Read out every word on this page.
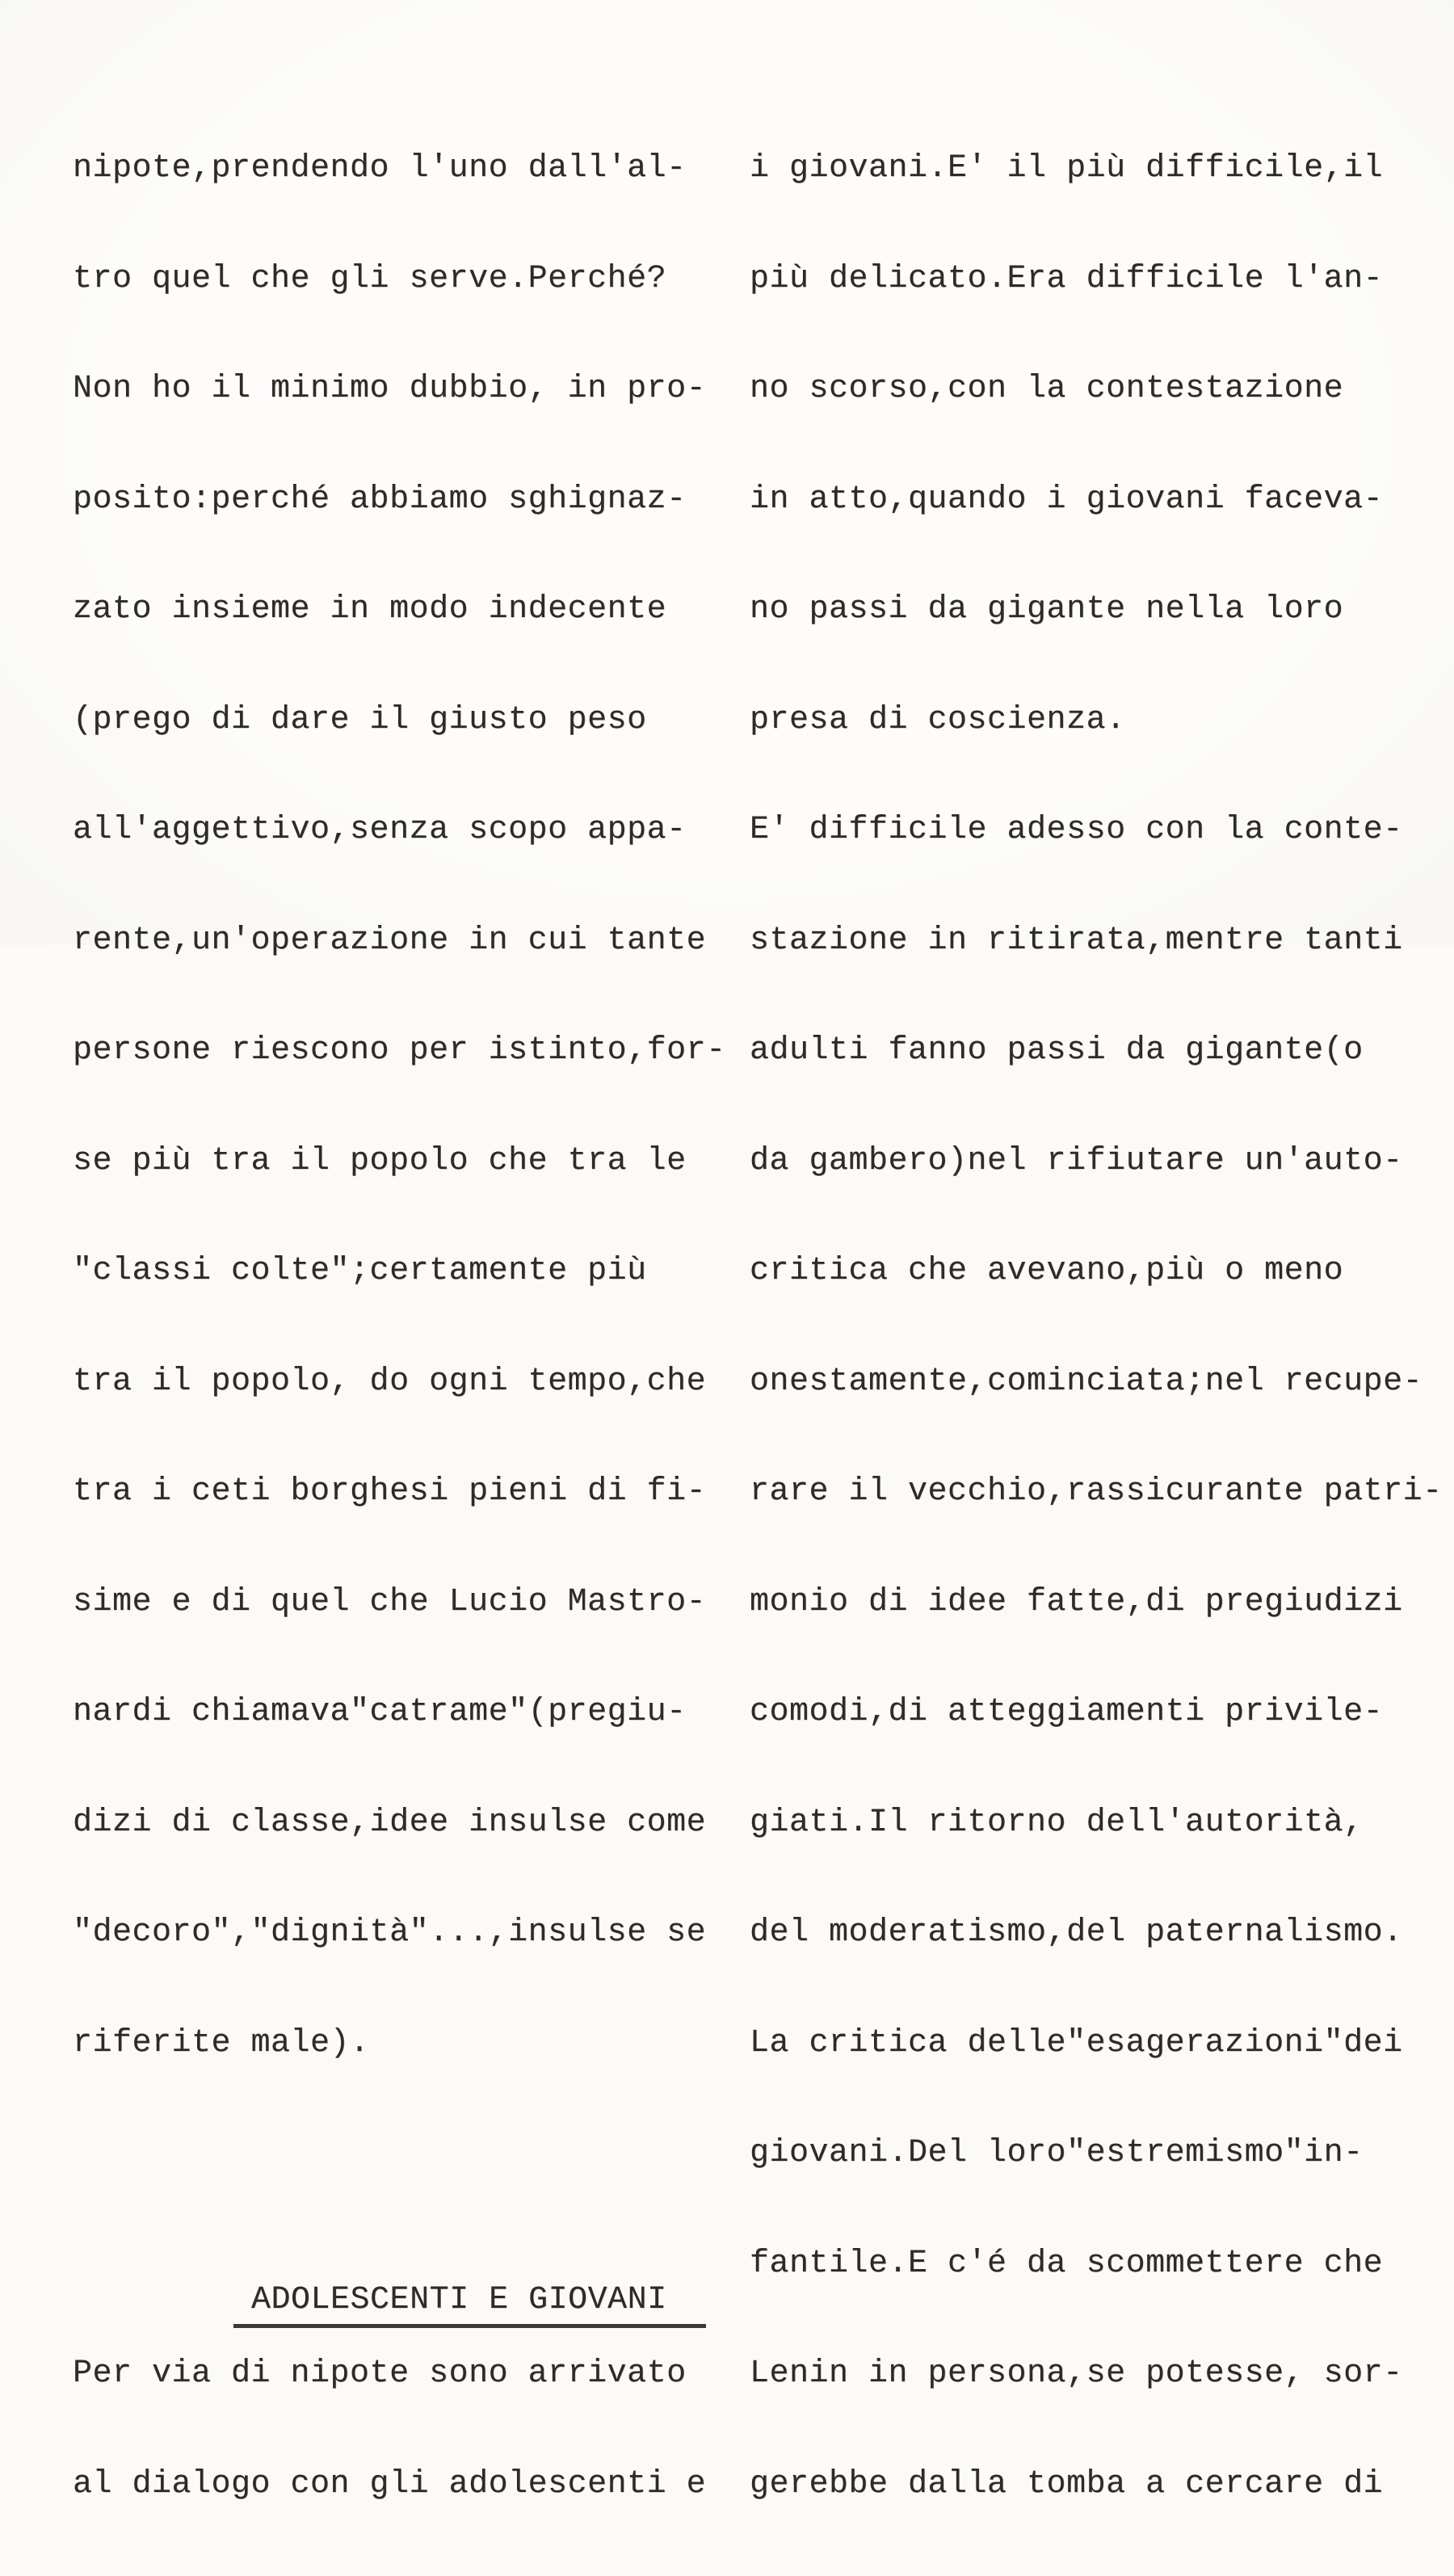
nipote,prendendo l'uno dall'al-

tro quel che gli serve.Perché?

Non ho il minimo dubbio, in pro-

posito:perché abbiamo sghignaz-

zato insieme in modo indecente

(prego di dare il giusto peso

all'aggettivo,senza scopo appa-

rente,un'operazione in cui tante

persone riescono per istinto,for-

se più tra il popolo che tra le

"classi colte";certamente più

tra il popolo, do ogni tempo,che

tra i ceti borghesi pieni di fi-

sime e di quel che Lucio Mastro-

nardi chiamava"catrame"(pregiu-

dizi di classe,idee insulse come

"decoro","dignità"...,insulse se

riferite male).

ADOLESCENTI E GIOVANI

Per via di nipote sono arrivato

al dialogo con gli adolescenti e

i giovani.E' il più difficile,il

più delicato.Era difficile l'an-

no scorso,con la contestazione

in atto,quando i giovani faceva-

no passi da gigante nella loro

presa di coscienza.

E' difficile adesso con la conte-

stazione in ritirata,mentre tanti

adulti fanno passi da gigante(o

da gambero)nel rifiutare un'auto-

critica che avevano,più o meno

onestamente,cominciata;nel recupe-

rare il vecchio,rassicurante patri-

monio di idee fatte,di pregiudizi

comodi,di atteggiamenti privile-

giati.Il ritorno dell'autorità,

del moderatismo,del paternalismo.

La critica delle"esagerazioni"dei

giovani.Del loro"estremismo"in-

fantile.E c'é da scommettere che

Lenin in persona,se potesse, sor-

gerebbe dalla tomba a cercare di
